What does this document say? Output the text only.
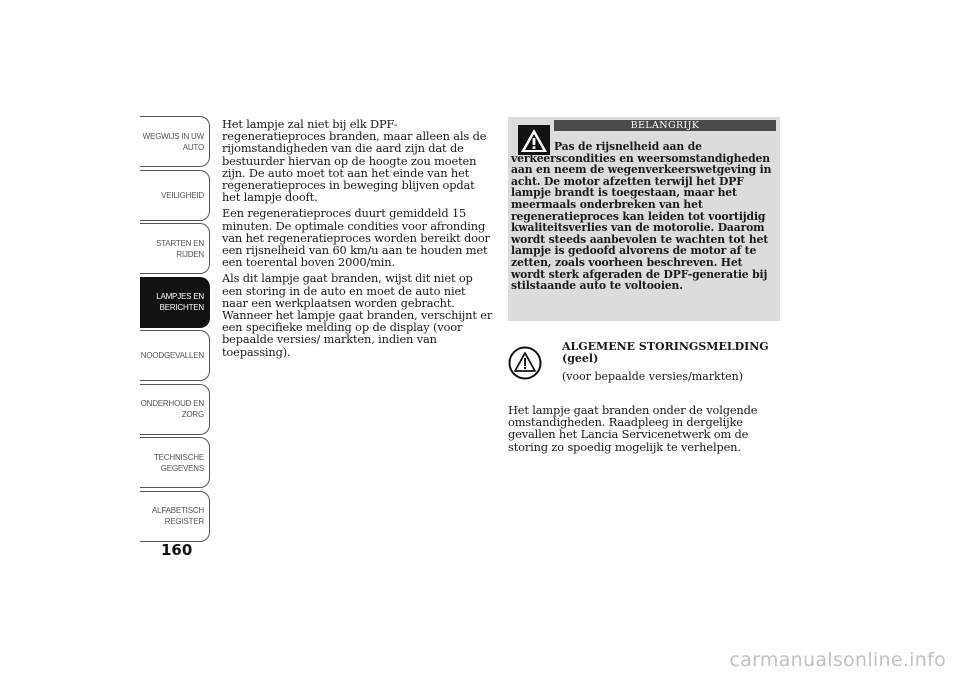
WEGWIJS IN UW
AUTO
VEILIGHEID
STARTEN EN
RIJDEN
LAMPJES EN
BERICHTEN
NOODGEVALLEN
ONDERHOUD EN
ZORG
TECHNISCHE
GEGEVENS
ALFABETISCH
REGISTER
160

Het lampje zal niet bij elk DPF-regeneratieproces branden, maar alleen als de rijomstandigheden van die aard zijn dat de bestuurder hiervan op de hoogte zou moeten zijn. De auto moet tot aan het einde van het regeneratieproces in beweging blijven opdat het lampje dooft.

Een regeneratieproces duurt gemiddeld 15 minuten. De optimale condities voor afronding van het regeneratieproces worden bereikt door een rijsnelheid van 60 km/u aan te houden met een toerental boven 2000/min.

Als dit lampje gaat branden, wijst dit niet op een storing in de auto en moet de auto niet naar een werkplaatsen worden gebracht. Wanneer het lampje gaat branden, verschijnt er een specifieke melding op de display (voor bepaalde versies/ markten, indien van toepassing).

BELANGRIJK
Pas de rijsnelheid aan de verkeerscondities en weersomstandigheden aan en neem de wegenverkeerswetgeving in acht. De motor afzetten terwijl het DPF lampje brandt is toegestaan, maar het meermaals onderbreken van het regeneratieproces kan leiden tot voortijdig kwaliteitsverlies van de motorolie. Daarom wordt steeds aanbevolen te wachten tot het lampje is gedoofd alvorens de motor af te zetten, zoals voorheen beschreven. Het wordt sterk afgeraden de DPF-generatie bij stilstaande auto te voltooien.
ALGEMENE STORINGSMELDING (geel)
(voor bepaalde versies/markten)

Het lampje gaat branden onder de volgende omstandigheden. Raadpleeg in dergelijke gevallen het Lancia Servicenetwerk om de storing zo spoedig mogelijk te verhelpen.

carmanualsonline.info
